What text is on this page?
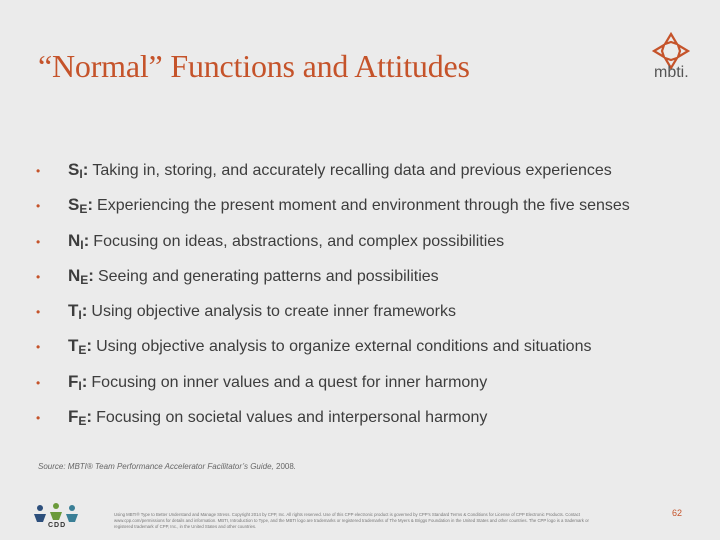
“Normal” Functions and Attitudes	mbti.
•	$S_I$: Taking in, storing, and accurately recalling data and previous experiences
•	$S_E$: Experiencing the present moment and environment through the five senses
•	$N_I$: Focusing on ideas, abstractions, and complex possibilities
•	$N_E$: Seeing and generating patterns and possibilities
•	$T_I$: Using objective analysis to create inner frameworks
•	$T_E$: Using objective analysis to organize external conditions and situations
•	$F_I$: Focusing on inner values and a quest for inner harmony
•	$F_E$: Focusing on societal values and interpersonal harmony
Source: MBTI® Team Performance Accelerator Facilitator’s Guide, 2008.
CDD
Using MBTI® Type to Better Understand and Manage Stress. Copyright 2014 by CPP, Inc. All rights reserved. Use of this CPP electronic product is governed by CPP’s Standard Terms & Conditions for License of CPP Electronic Products. Contact www.cpp.com/permissions for details and information. MBTI, Introduction to Type, and the MBTI logo are trademarks or registered trademarks of The Myers & Briggs Foundation in the United States and other countries. The CPP logo is a trademark or registered trademark of CPP, Inc., in the United States and other countries.
62
